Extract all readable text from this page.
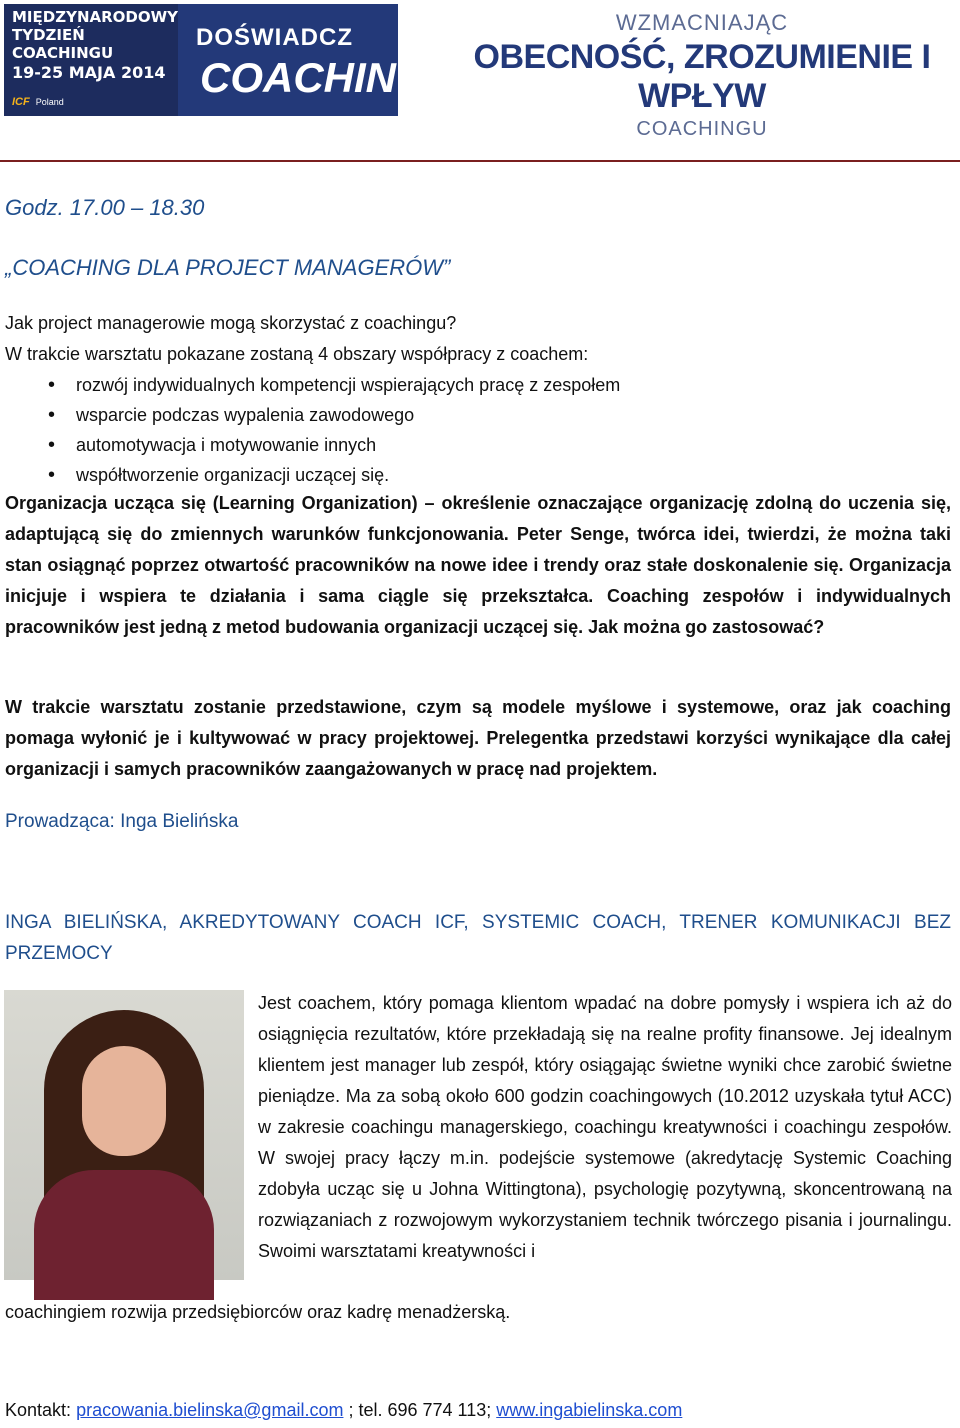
MIĘDZYNARODOWY
TYDZIEŃ
COACHINGU
19-25 MAJA 2014
ICF Poland
DOŚWIADCZ
COACHINGU
WZMACNIAJĄC
OBECNOŚĆ, ZROZUMIENIE I WPŁYW
COACHINGU
Godz. 17.00 – 18.30
„COACHING DLA PROJECT MANAGERÓW”
Jak project managerowie mogą skorzystać z coachingu?
W trakcie warsztatu pokazane zostaną 4 obszary współpracy z coachem:
• rozwój indywidualnych kompetencji wspierających pracę z zespołem
• wsparcie podczas wypalenia zawodowego
• automotywacja i motywowanie innych
• współtworzenie organizacji uczącej się.
Organizacja ucząca się (Learning Organization) – określenie oznaczające organizację zdolną do uczenia się, adaptującą się do zmiennych warunków funkcjonowania. Peter Senge, twórca idei, twierdzi, że można taki stan osiągnąć poprzez otwartość pracowników na nowe idee i trendy oraz stałe doskonalenie się. Organizacja inicjuje i wspiera te działania i sama ciągle się przekształca. Coaching zespołów i indywidualnych pracowników jest jedną z metod budowania organizacji uczącej się. Jak można go zastosować?
W trakcie warsztatu zostanie przedstawione, czym są modele myślowe i systemowe, oraz jak coaching pomaga wyłonić je i kultywować w pracy projektowej. Prelegentka przedstawi korzyści wynikające dla całej organizacji i samych pracowników zaangażowanych w pracę nad projektem.
Prowadząca: Inga Bielińska
INGA BIELIŃSKA, AKREDYTOWANY COACH ICF, SYSTEMIC COACH, TRENER KOMUNIKACJI BEZ PRZEMOCY
Jest coachem, który pomaga klientom wpadać na dobre pomysły i wspiera ich aż do osiągnięcia rezultatów, które przekładają się na realne profity finansowe. Jej idealnym klientem jest manager lub zespół, który osiągając świetne wyniki chce zarobić świetne pieniądze. Ma za sobą około 600 godzin coachingowych (10.2012 uzyskała tytuł ACC) w zakresie coachingu managerskiego, coachingu kreatywności i coachingu zespołów. W swojej pracy łączy m.in. podejście systemowe (akredytację Systemic Coaching zdobyła ucząc się u Johna Wittingtona), psychologię pozytywną, skoncentrowaną na rozwiązaniach z rozwojowym wykorzystaniem technik twórczego pisania i journalingu. Swoimi warsztatami kreatywności i
coachingiem rozwija przedsiębiorców oraz kadrę menadżerską.
Kontakt: pracowania.bielinska@gmail.com ; tel. 696 774 113; www.ingabielinska.com
